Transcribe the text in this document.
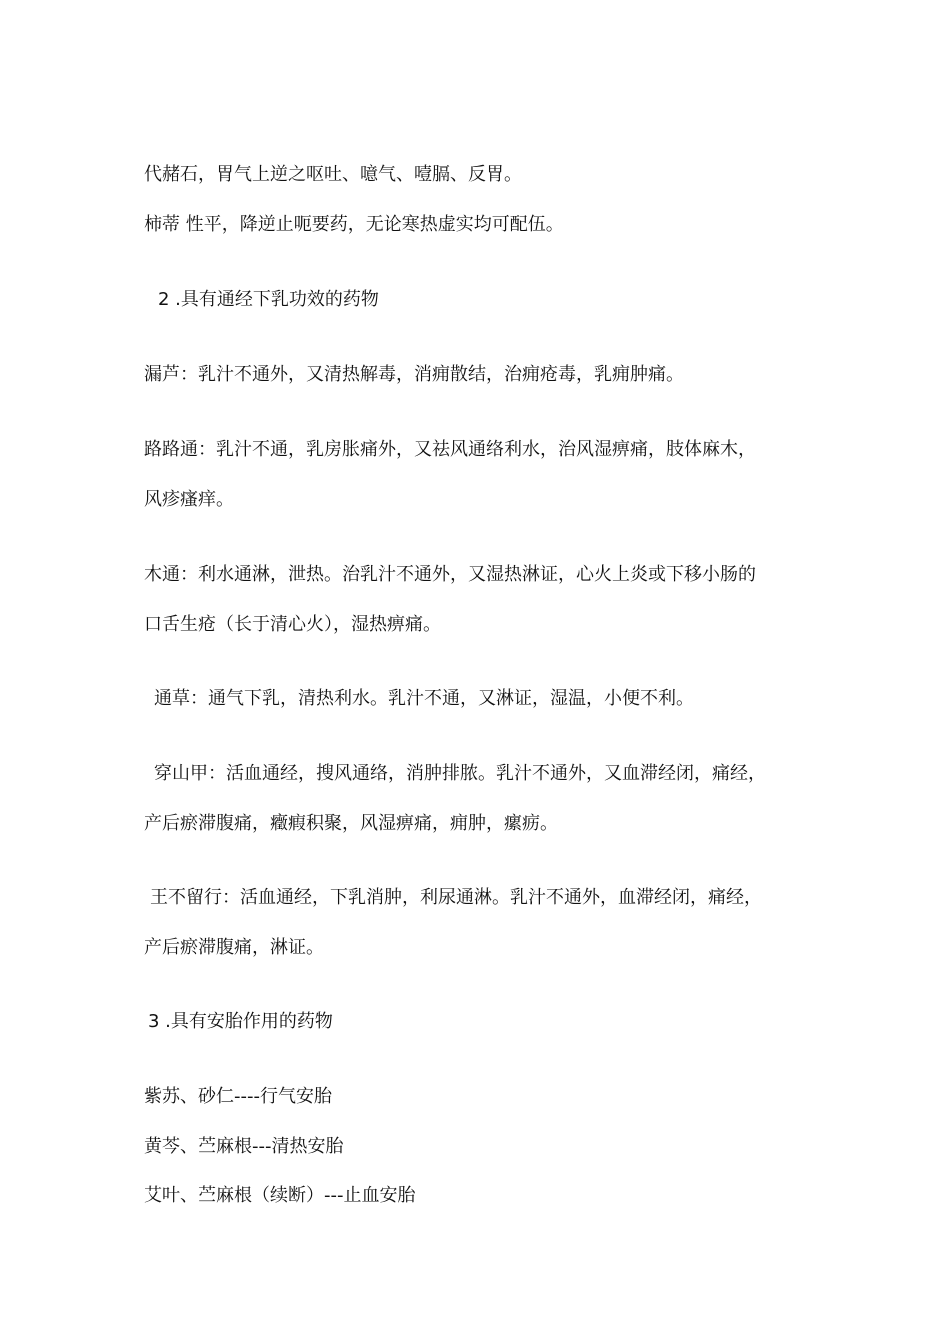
代赭石，胃气上逆之呕吐、噫气、噎膈、反胃。
柿蒂 性平，降逆止呃要药，无论寒热虚实均可配伍。
2 .具有通经下乳功效的药物
漏芦：乳汁不通外，又清热解毒，消痈散结，治痈疮毒，乳痈肿痛。
路路通：乳汁不通，乳房胀痛外，又祛风通络利水，治风湿痹痛，肢体麻木，
风疹瘙痒。
木通：利水通淋，泄热。治乳汁不通外，又湿热淋证，心火上炎或下移小肠的
口舌生疮（长于清心火），湿热痹痛。
通草：通气下乳，清热利水。乳汁不通，又淋证，湿温，小便不利。
穿山甲：活血通经，搜风通络，消肿排脓。乳汁不通外，又血滞经闭，痛经，
产后瘀滞腹痛，癥瘕积聚，风湿痹痛，痈肿，瘰疬。
王不留行：活血通经，下乳消肿，利尿通淋。乳汁不通外，血滞经闭，痛经，
产后瘀滞腹痛，淋证。
3 .具有安胎作用的药物
紫苏、砂仁----行气安胎
黄芩、苎麻根---清热安胎
艾叶、苎麻根（续断）---止血安胎
